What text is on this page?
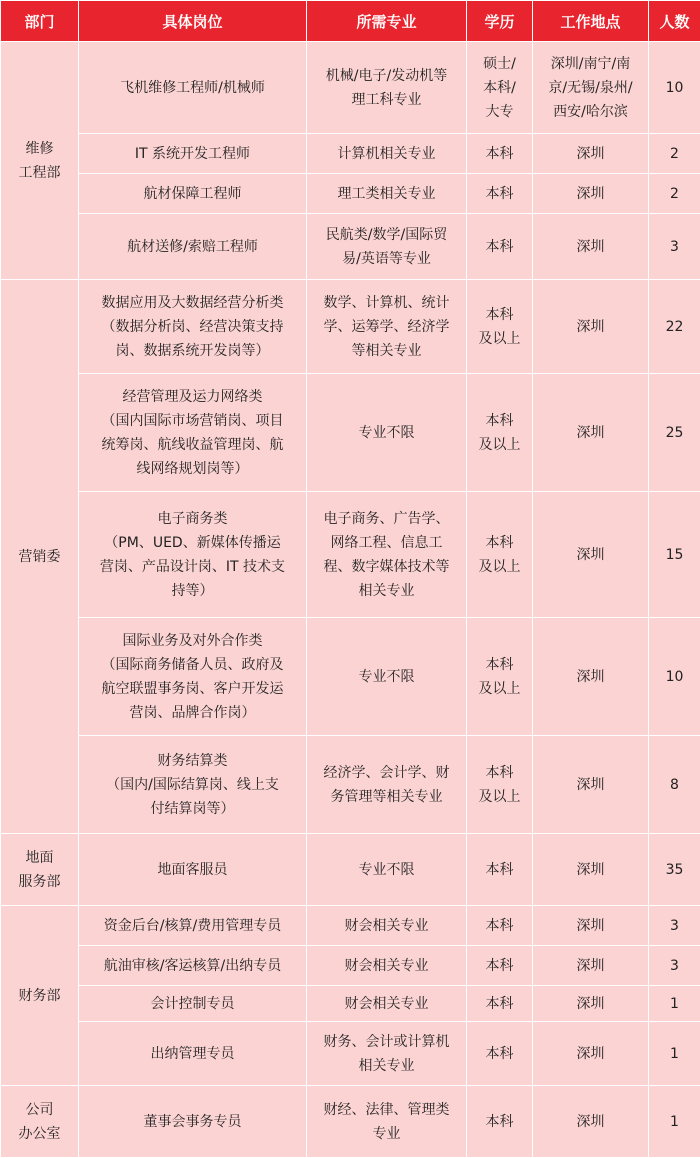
部门	具体岗位	所需专业	学历	工作地点	人数
维修
工程部	飞机维修工程师/机械师	机械/电子/发动机等
理工科专业	硕士/
本科/
大专	深圳/南宁/南
京/无锡/泉州/
西安/哈尔滨	10
	IT 系统开发工程师	计算机相关专业	本科	深圳	2
	航材保障工程师	理工类相关专业	本科	深圳	2
	航材送修/索赔工程师	民航类/数学/国际贸
易/英语等专业	本科	深圳	3
营销委	数据应用及大数据经营分析类
（数据分析岗、经营决策支持
岗、数据系统开发岗等）	数学、计算机、统计
学、运筹学、经济学
等相关专业	本科
及以上	深圳	22
	经营管理及运力网络类
（国内国际市场营销岗、项目
统筹岗、航线收益管理岗、航
线网络规划岗等）	专业不限	本科
及以上	深圳	25
	电子商务类
（PM、UED、新媒体传播运
营岗、产品设计岗、IT 技术支
持等）	电子商务、广告学、
网络工程、信息工
程、数字媒体技术等
相关专业	本科
及以上	深圳	15
	国际业务及对外合作类
（国际商务储备人员、政府及
航空联盟事务岗、客户开发运
营岗、品牌合作岗）	专业不限	本科
及以上	深圳	10
	财务结算类
（国内/国际结算岗、线上支
付结算岗等）	经济学、会计学、财
务管理等相关专业	本科
及以上	深圳	8
地面
服务部	地面客服员	专业不限	本科	深圳	35
财务部	资金后台/核算/费用管理专员	财会相关专业	本科	深圳	3
	航油审核/客运核算/出纳专员	财会相关专业	本科	深圳	3
	会计控制专员	财会相关专业	本科	深圳	1
	出纳管理专员	财务、会计或计算机
相关专业	本科	深圳	1
公司
办公室	董事会事务专员	财经、法律、管理类
专业	本科	深圳	1
